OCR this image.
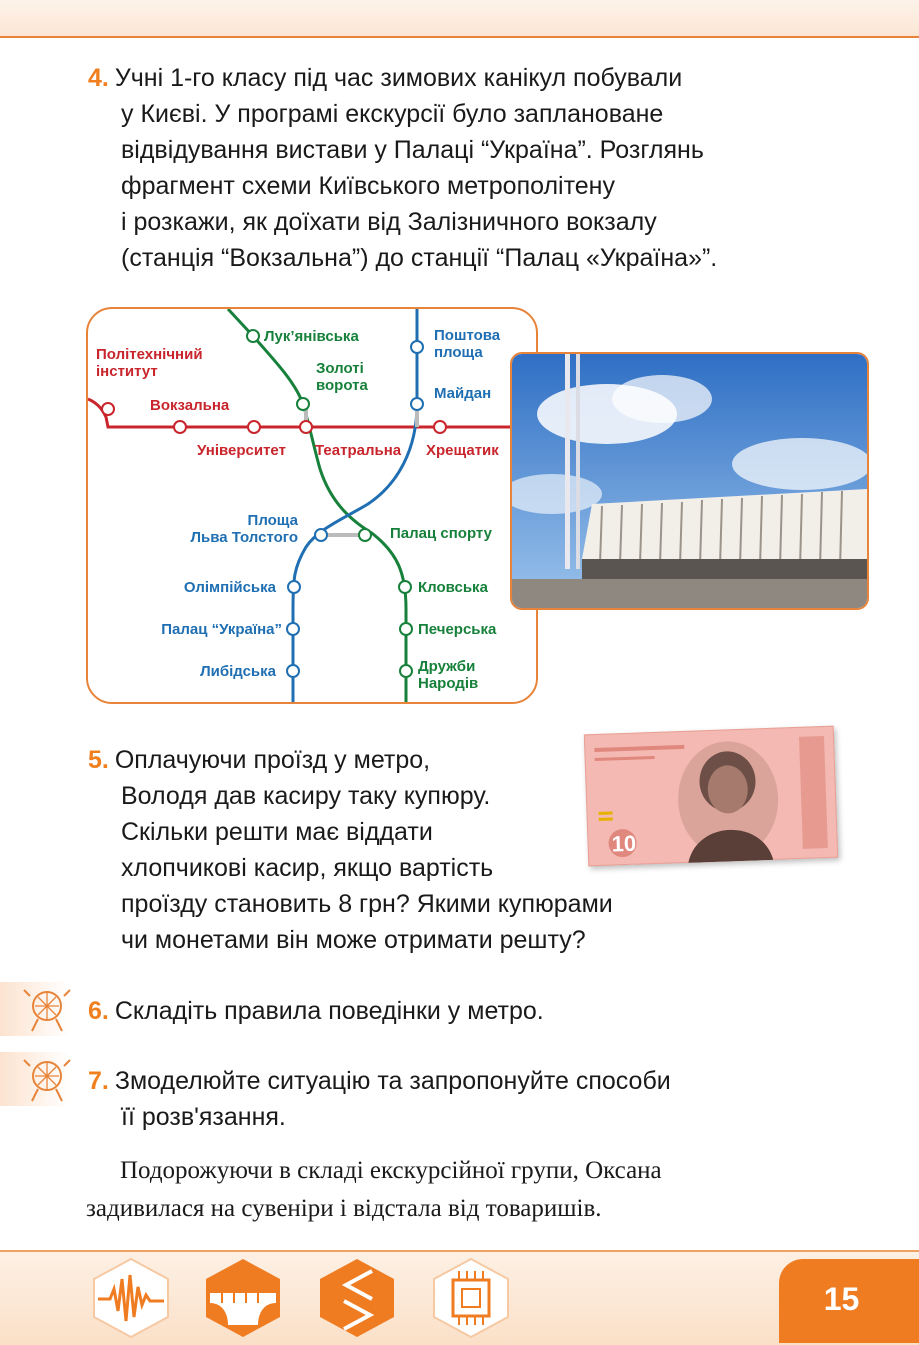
4. Учні 1-го класу під час зимових канікул побували
у Києві. У програмі екскурсії було заплановане
відвідування вистави у Палаці “Україна”. Розглянь
фрагмент схеми Київського метрополітену
і розкажи, як доїхати від Залізничного вокзалу
(станція “Вокзальна”) до станції “Палац «Україна»”.
Політехнічний
інститут
Вокзальна
Університет Театральна Хрещатик
Лук’янівська
Золоті
ворота
Палац спорту
Кловська
Печерська
Дружби
Народів
Поштова
площа
Майдан
Площа
Льва Толстого
Олімпійська
Палац “Україна”
Либідська
5. Оплачуючи проїзд у метро,
Володя дав касиру таку купюру.
Скільки решти має віддати
хлопчикові касир, якщо вартість
проїзду становить 8 грн? Якими купюрами
чи монетами він може отримати решту?
10
6. Складіть правила поведінки у метро.
7. Змоделюйте ситуацію та запропонуйте способи
її розв'язання.
Подорожуючи в складі екскурсійної групи, Оксана
задивилася на сувеніри і відстала від товаришів.
15
